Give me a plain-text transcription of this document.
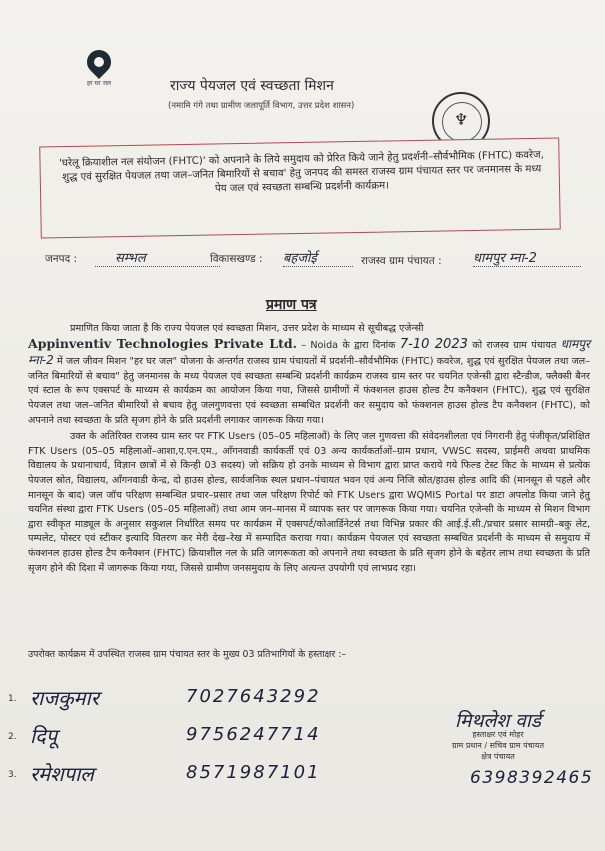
हर घर जल	राज्य पेयजल एवं स्वच्छता मिशन
(नमामि गंगे तथा ग्रामीण जलापूर्ति विभाग, उत्तर प्रदेश शासन)
♆

'घरेलू क्रियाशील नल संयोजन (FHTC)' को अपनाने के लिये समुदाय को प्रेरित किये जाने हेतु प्रदर्शनी–सौर्वभौमिक (FHTC) कवरेज, शुद्ध एवं सुरक्षित पेयजल तथा जल–जनित बिमारियों से बचाव' हेतु जनपद की समस्त राजस्व ग्राम पंचायत स्तर पर जनमानस के मध्य पेय जल एवं स्वच्छता सम्बन्धि प्रदर्शनी कार्यक्रम।

जनपद :	सम्भल	विकासखण्ड : बहजोई	राजस्व ग्राम पंचायत : धामपुर म्ना-2
प्रमाण पत्र

प्रमाणित किया जाता है कि राज्य पेयजल एवं स्वच्छता मिशन, उत्तर प्रदेश के माध्यम से सूचीबद्ध एजेन्सी
Appinventiv Technologies Private Ltd. – Noida के द्वारा दिनांक 7-10 2023 को राजस्व ग्राम पंचायत धामपुर म्ना-2 में जल जीवन मिशन "हर घर जल" योजना के अन्तर्गत राजस्व ग्राम पंचायतों में प्रदर्शनी–सौर्वभौमिक (FHTC) कवरेज, शुद्ध एवं सुरक्षित पेयजल तथा जल–जनित बिमारियों से बचाव" हेतु जनमानस के मध्य पेयजल एवं स्वच्छता सम्बन्धि प्रदर्शनी कार्यक्रम राजस्व ग्राम स्तर पर चयनित एजेन्सी द्वारा स्टैन्डीज, फ्लैक्सी बैनर एवं स्टाल के रूप एक्सपर्ट के माध्यम से कार्यक्रम का आयोजन किया गया, जिससे ग्रामीणों में फंक्शनल हाउस होल्ड टैप कनैक्शन (FHTC), शुद्ध एवं सुरक्षित पेयजल तथा जल–जनित बीमारियों से बचाव हेतु जलगुणवत्ता एवं स्वच्छता सम्बधित प्रदर्शनी कर समुदाय को फंक्शनल हाउस होल्ड टैप कनैक्शन (FHTC), को अपनाने तथा स्वच्छता के प्रति सृजग होने के प्रति प्रदर्शनी लगाकर जागरूक किया गया।

उक्त के अतिरिक्त राजस्व ग्राम स्तर पर FTK Users (05–05 महिलाओं) के लिए जल गुणवत्ता की संवेदनशीलता एवं निगरानी हेतु पंजीकृत/प्रशिक्षित FTK Users (05–05 महिलाओं–आशा,ए.एन.एम., आँगनवाडी कार्यकर्ती एवं 03 अन्य कार्यकर्ताओं–ग्राम प्रधान, VWSC सदस्य, प्राईमरी अथवा प्राथमिक विद्यालय के प्रधानाचार्य, विज्ञान छात्रों में से किन्ही 03 सदस्य) जो सक्रिय हो उनके माध्यम से विभाग द्वारा प्राप्त कराये गये फिल्ड टेस्ट किट के माध्यम से प्रत्येक पेयजल स्रोत, विद्यालय, आँगनवाडी केन्द्र, दो हाउस होल्ड, सार्वजनिक स्थल प्रधान–पंचायत भवन एवं अन्य निजि स्रोत/हाउस होल्ड आदि की (मानसून से पहले और मानसून के बाद) जल जॉच परिक्षण सम्बन्धित प्रचार–प्रसार तथा जल परिक्षण रिपोर्ट को FTK Users द्वारा WQMIS Portal पर डाटा अपलोड किया जाने हेतु चयनित संस्था द्वारा FTK Users (05–05 महिलाओं) तथा आम जन–मानस में व्यापक स्तर पर जागरूक किया गया। चयनित एजेन्सी के माध्यम से मिशन विभाग द्वारा स्वीकृत माड्यूल के अनुसार सकुशल निर्धारित समय पर कार्यक्रम में एक्सपर्ट/कोआर्डिनेटर्स तथा विभिन्न प्रकार की आई.ई.सी./प्रचार प्रसार सामग्री–बकु लेट, पम्पलेट, पोस्टर एवं स्टीकर इत्यादि वितरण कर मेरी देख–रेख में सम्पादित कराया गया। कार्यक्रम पेयजल एवं स्वच्छता सम्बधित प्रदर्शनी के माध्यम से समुदाय में फंक्शनल हाउस होल्ड टैप कनैक्शन (FHTC) क्रियाशील नल के प्रति जागरूकता को अपनाने तथा स्वच्छता के प्रति सृजग होने के बहेतर लाभ तथा स्वच्छता के प्रति सृजग होने की दिशा में जागरूक किया गया, जिससे ग्रामीण जनसमुदाय के लिए अत्यन्त उपयोगी एवं लाभप्रद रहा।

उपरोक्त कार्यक्रम में उपस्थित राजस्व ग्राम पंचायत स्तर के मुख्य 03 प्रतिभागियों के हस्ताक्षर :–
1. राजकुमार	7027643292
2. दिपू	9756247714
3. रमेशपाल	8571987101
मिथलेश वार्ड
हस्ताक्षर एवं मोहर
ग्राम प्रधान / सचिव ग्राम पंचायत
क्षेत्र पंचायत
6398392465
